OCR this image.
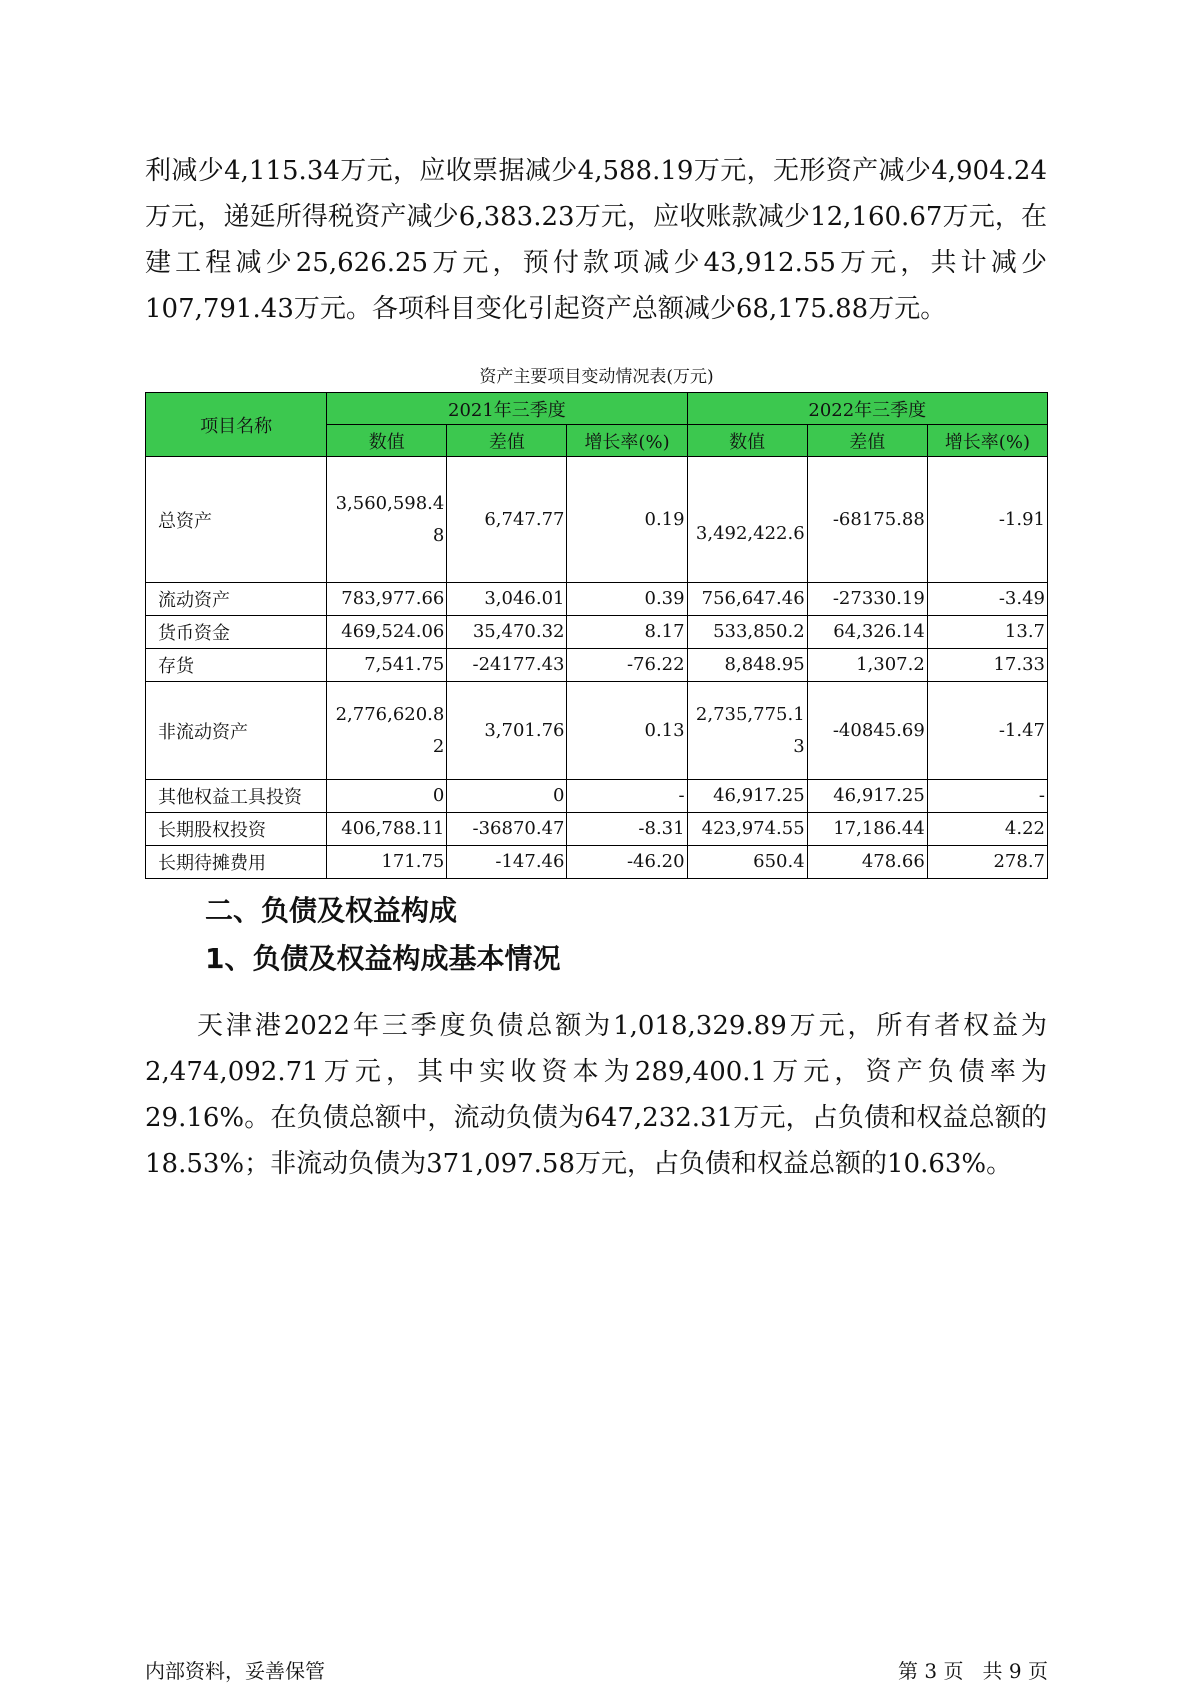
利减少4,115.34万元，应收票据减少4,588.19万元，无形资产减少4,904.24万元，递延所得税资产减少6,383.23万元，应收账款减少12,160.67万元，在建工程减少25,626.25万元，预付款项减少43,912.55万元，共计减少107,791.43万元。各项科目变化引起资产总额减少68,175.88万元。

资产主要项目变动情况表(万元)
项目名称	2021年三季度			2022年三季度		
	数值	差值	增长率(%)	数值	差值	增长率(%)
总资产	3,560,598.48	6,747.77	0.19	3,492,422.6	-68175.88	-1.91
流动资产	783,977.66	3,046.01	0.39	756,647.46	-27330.19	-3.49
货币资金	469,524.06	35,470.32	8.17	533,850.2	64,326.14	13.7
存货	7,541.75	-24177.43	-76.22	8,848.95	1,307.2	17.33
非流动资产	2,776,620.82	3,701.76	0.13	2,735,775.13	-40845.69	-1.47
其他权益工具投资	0	0	-	46,917.25	46,917.25	-
长期股权投资	406,788.11	-36870.47	-8.31	423,974.55	17,186.44	4.22
长期待摊费用	171.75	-147.46	-46.20	650.4	478.66	278.7
二、负债及权益构成
1、负债及权益构成基本情况

天津港2022年三季度负债总额为1,018,329.89万元，所有者权益为2,474,092.71万元，其中实收资本为289,400.1万元，资产负债率为29.16%。在负债总额中，流动负债为647,232.31万元，占负债和权益总额的18.53%；非流动负债为371,097.58万元，占负债和权益总额的10.63%。

内部资料，妥善保管	第 3 页   共 9 页
